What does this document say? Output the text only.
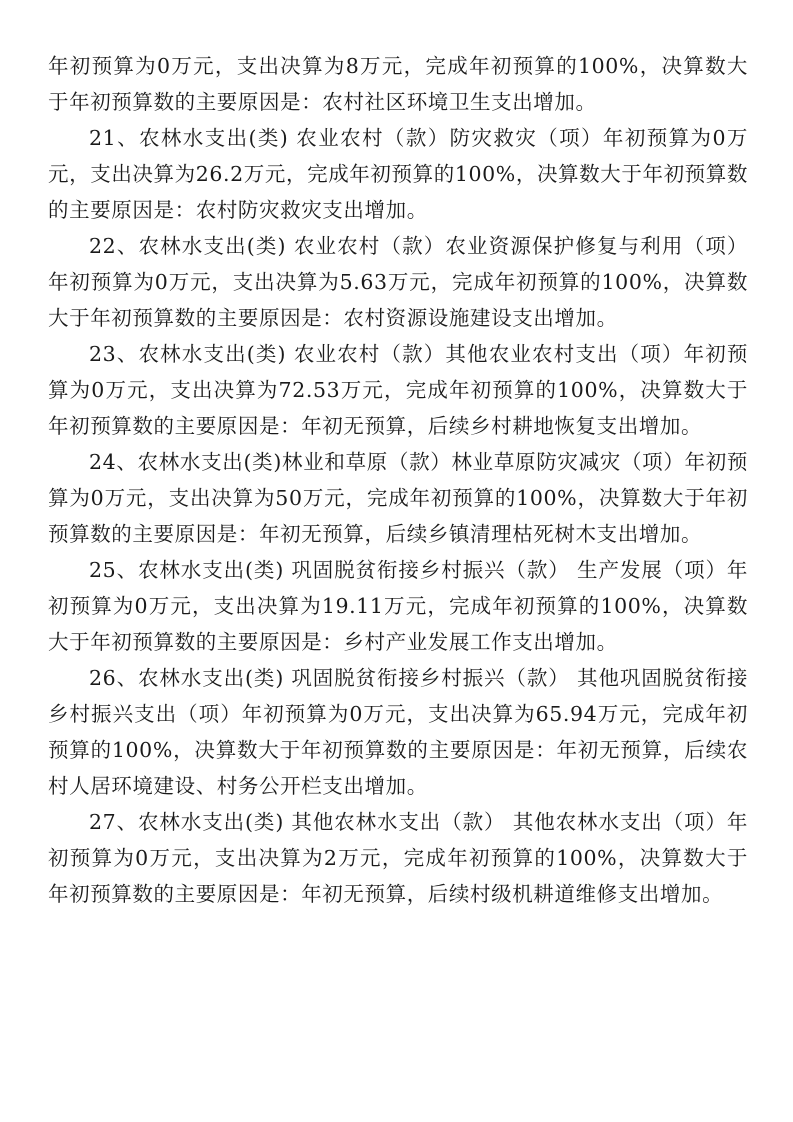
年初预算为0万元，支出决算为8万元，完成年初预算的100%，决算数大于年初预算数的主要原因是：农村社区环境卫生支出增加。

21、农林水支出(类) 农业农村（款）防灾救灾（项）年初预算为0万元，支出决算为26.2万元，完成年初预算的100%，决算数大于年初预算数的主要原因是：农村防灾救灾支出增加。

22、农林水支出(类) 农业农村（款）农业资源保护修复与利用（项）年初预算为0万元，支出决算为5.63万元，完成年初预算的100%，决算数大于年初预算数的主要原因是：农村资源设施建设支出增加。

23、农林水支出(类) 农业农村（款）其他农业农村支出（项）年初预算为0万元，支出决算为72.53万元，完成年初预算的100%，决算数大于年初预算数的主要原因是：年初无预算，后续乡村耕地恢复支出增加。

24、农林水支出(类)林业和草原（款）林业草原防灾减灾（项）年初预算为0万元，支出决算为50万元，完成年初预算的100%，决算数大于年初预算数的主要原因是：年初无预算，后续乡镇清理枯死树木支出增加。

25、农林水支出(类) 巩固脱贫衔接乡村振兴（款） 生产发展（项）年初预算为0万元，支出决算为19.11万元，完成年初预算的100%，决算数大于年初预算数的主要原因是：乡村产业发展工作支出增加。

26、农林水支出(类) 巩固脱贫衔接乡村振兴（款） 其他巩固脱贫衔接乡村振兴支出（项）年初预算为0万元，支出决算为65.94万元，完成年初预算的100%，决算数大于年初预算数的主要原因是：年初无预算，后续农村人居环境建设、村务公开栏支出增加。

27、农林水支出(类) 其他农林水支出（款） 其他农林水支出（项）年初预算为0万元，支出决算为2万元，完成年初预算的100%，决算数大于年初预算数的主要原因是：年初无预算，后续村级机耕道维修支出增加。
